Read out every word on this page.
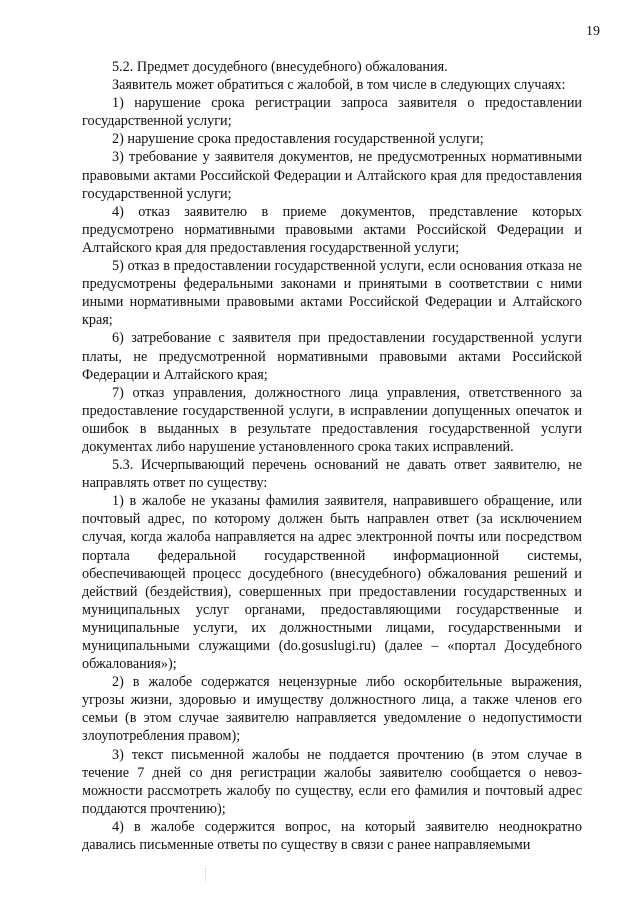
19

5.2. Предмет досудебного (внесудебного) обжалования.

Заявитель может обратиться с жалобой, в том числе в следующих случаях:

1) нарушение срока регистрации запроса заявителя о предоставлении государственной услуги;

2) нарушение срока предоставления государственной услуги;

3) требование у заявителя документов, не предусмотренных нормативными правовыми актами Российской Федерации и Алтайского края для предоставления государственной услуги;

4) отказ заявителю в приеме документов, представление которых предусмотрено нормативными правовыми актами Российской Федерации и Алтайского края для предоставления государственной услуги;

5) отказ в предоставлении государственной услуги, если основания отказа не предусмотрены федеральными законами и принятыми в соответствии с ними иными нормативными правовыми актами Российской Федерации и Алтайского края;

6) затребование с заявителя при предоставлении государственной услуги платы, не предусмотренной нормативными правовыми актами Российской Федерации и Алтайского края;

7) отказ управления, должностного лица управления, ответственного за предоставление государственной услуги, в исправлении допущенных опечаток и ошибок в выданных в результате предоставления государственной услуги документах либо нарушение установленного срока таких исправлений.

5.3. Исчерпывающий перечень оснований не давать ответ заявителю, не направлять ответ по существу:

1) в жалобе не указаны фамилия заявителя, направившего обращение, или почтовый адрес, по которому должен быть направлен ответ (за исключением случая, когда жалоба направляется на адрес электронной почты или посредством портала федеральной государственной информационной системы, обеспечивающей процесс досудебного (внесудебного) обжалования решений и действий (бездействия), совершенных при предоставлении государственных и муниципальных услуг органами, предоставляющими государственные и муниципальные услуги, их должностными лицами, государственными и муниципальными служащими (do.gosuslugi.ru) (далее – «портал Досудебного обжалования»);

2) в жалобе содержатся нецензурные либо оскорбительные выражения, угрозы жизни, здоровью и имуществу должностного лица, а также членов его семьи (в этом случае заявителю направляется уведомление о недопустимости злоупотребления правом);

3) текст письменной жалобы не поддается прочтению (в этом случае в течение 7 дней со дня регистрации жалобы заявителю сообщается о невозможности рассмотреть жалобу по существу, если его фамилия и почтовый адрес поддаются прочтению);

4) в жалобе содержится вопрос, на который заявителю неоднократно давались письменные ответы по существу в связи с ранее направляемыми
